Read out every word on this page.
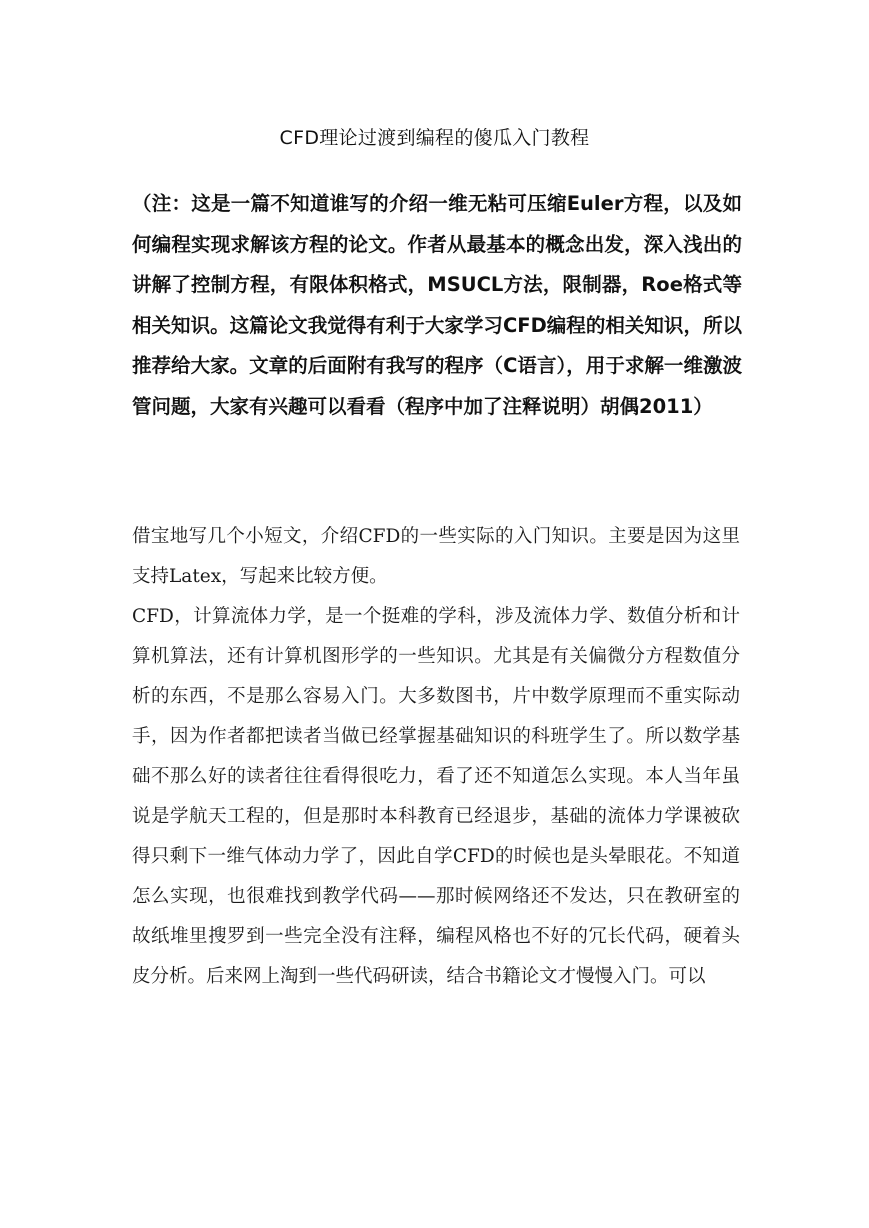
CFD理论过渡到编程的傻瓜入门教程
（注：这是一篇不知道谁写的介绍一维无粘可压缩Euler方程，以及如何编程实现求解该方程的论文。作者从最基本的概念出发，深入浅出的讲解了控制方程，有限体积格式，MSUCL方法，限制器，Roe格式等相关知识。这篇论文我觉得有利于大家学习CFD编程的相关知识，所以推荐给大家。文章的后面附有我写的程序（C语言），用于求解一维激波管问题，大家有兴趣可以看看（程序中加了注释说明）胡偶2011）
借宝地写几个小短文，介绍CFD的一些实际的入门知识。主要是因为这里支持Latex，写起来比较方便。
CFD，计算流体力学，是一个挺难的学科，涉及流体力学、数值分析和计算机算法，还有计算机图形学的一些知识。尤其是有关偏微分方程数值分析的东西，不是那么容易入门。大多数图书，片中数学原理而不重实际动手，因为作者都把读者当做已经掌握基础知识的科班学生了。所以数学基础不那么好的读者往往看得很吃力，看了还不知道怎么实现。本人当年虽说是学航天工程的，但是那时本科教育已经退步，基础的流体力学课被砍得只剩下一维气体动力学了，因此自学CFD的时候也是头晕眼花。不知道怎么实现，也很难找到教学代码——那时候网络还不发达，只在教研室的故纸堆里搜罗到一些完全没有注释，编程风格也不好的冗长代码，硬着头皮分析。后来网上淘到一些代码研读，结合书籍论文才慢慢入门。可以
